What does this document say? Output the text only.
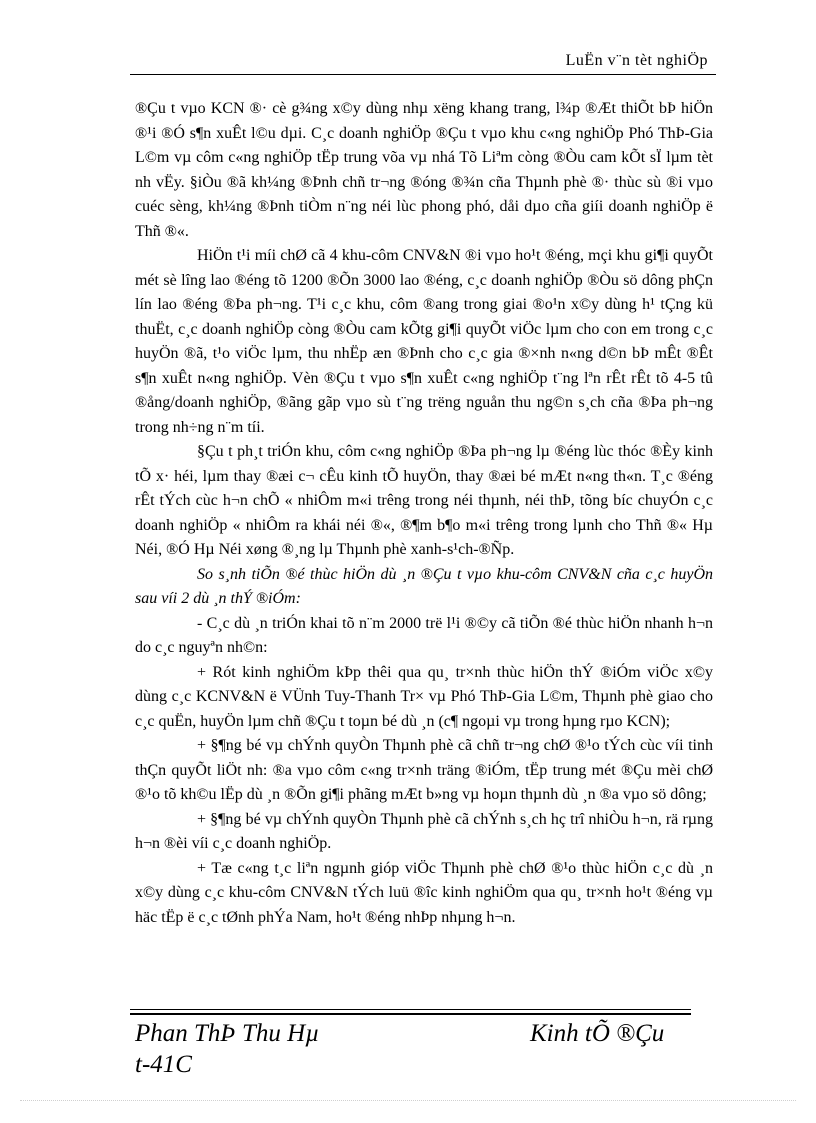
LuËn v¨n tèt nghiÖp

®Çu t vµo KCN ®· cè g¾ng x©y dùng nhµ xëng khang trang, l¾p ®Æt thiÕt bÞ hiÖn ®¹i ®Ó s¶n xuÊt l©u dµi. C¸c doanh nghiÖp ®Çu t vµo khu c«ng nghiÖp Phó ThÞ-Gia L©m vµ côm c«ng nghiÖp tËp trung võa vµ nhá Tõ Liªm còng ®Òu cam kÕt sÏ lµm tèt nh vËy. §iÒu ®ã kh¼ng ®Þnh chñ tr¬ng ®óng ®¾n cña Thµnh phè ®· thùc sù ®i vµo cuéc sèng, kh¼ng ®Þnh tiÒm n¨ng néi lùc phong phó, dåi dµo cña giíi doanh nghiÖp ë Thñ ®«.

HiÖn t¹i míi chØ cã 4 khu-côm CNV&N ®i vµo ho¹t ®éng, mçi khu gi¶i quyÕt mét sè lîng lao ®éng tõ 1200 ®Õn 3000 lao ®éng, c¸c doanh nghiÖp ®Òu sö dông phÇn lín lao ®éng ®Þa ph¬ng. T¹i c¸c khu, côm ®ang trong giai ®o¹n x©y dùng h¹ tÇng kü thuËt, c¸c doanh nghiÖp còng ®Òu cam kÕtg gi¶i quyÕt viÖc lµm cho con em trong c¸c huyÖn ®ã, t¹o viÖc lµm, thu nhËp æn ®Þnh cho c¸c gia ®×nh n«ng d©n bÞ mÊt ®Êt s¶n xuÊt n«ng nghiÖp. Vèn ®Çu t vµo s¶n xuÊt c«ng nghiÖp t¨ng lªn rÊt rÊt tõ 4-5 tû ®ång/doanh nghiÖp, ®ãng gãp vµo sù t¨ng trëng nguån thu ng©n s¸ch cña ®Þa ph¬ng trong nh÷ng n¨m tíi.

§Çu t ph¸t triÓn khu, côm c«ng nghiÖp ®Þa ph¬ng lµ ®éng lùc thóc ®Èy kinh tÕ x· héi, lµm thay ®æi c¬ cÊu kinh tÕ huyÖn, thay ®æi bé mÆt n«ng th«n. T¸c ®éng rÊt tÝch cùc h¬n chÕ « nhiÔm m«i trêng trong néi thµnh, néi thÞ, tõng bíc chuyÓn c¸c doanh nghiÖp « nhiÔm ra khái néi ®«, ®¶m b¶o m«i trêng trong lµnh cho Thñ ®« Hµ Néi, ®Ó Hµ Néi xøng ®¸ng lµ Thµnh phè xanh-s¹ch-®Ñp.

So s¸nh tiÕn ®é thùc hiÖn dù ¸n ®Çu t vµo khu-côm CNV&N cña c¸c huyÖn sau víi 2 dù ¸n thÝ ®iÓm:

- C¸c dù ¸n triÓn khai tõ n¨m 2000 trë l¹i ®©y cã tiÕn ®é thùc hiÖn nhanh h¬n do c¸c nguyªn nh©n:

+ Rót kinh nghiÖm kÞp thêi qua qu¸ tr×nh thùc hiÖn thÝ ®iÓm viÖc x©y dùng c¸c KCNV&N ë VÜnh Tuy-Thanh Tr× vµ Phó ThÞ-Gia L©m, Thµnh phè giao cho c¸c quËn, huyÖn lµm chñ ®Çu t toµn bé dù ¸n (c¶ ngoµi vµ trong hµng rµo KCN);

+ §¶ng bé vµ chÝnh quyÒn Thµnh phè cã chñ tr¬ng chØ ®¹o tÝch cùc víi tinh thÇn quyÕt liÖt nh: ®a vµo côm c«ng tr×nh träng ®iÓm, tËp trung mét ®Çu mèi chØ ®¹o tõ kh©u lËp dù ¸n ®Õn gi¶i phãng mÆt b»ng vµ hoµn thµnh dù ¸n ®a vµo sö dông;

+ §¶ng bé vµ chÝnh quyÒn Thµnh phè cã chÝnh s¸ch hç trî nhiÒu h¬n, rä rµng h¬n ®èi víi c¸c doanh nghiÖp.

+ Tæ c«ng t¸c liªn ngµnh gióp viÖc Thµnh phè chØ ®¹o thùc hiÖn c¸c dù ¸n x©y dùng c¸c khu-côm CNV&N tÝch luü ®îc kinh nghiÖm qua qu¸ tr×nh ho¹t ®éng vµ häc tËp ë c¸c tØnh phÝa Nam, ho¹t ®éng nhÞp nhµng h¬n.

Phan ThÞ Thu Hµ
t-41C
Kinh tÕ ®Çu
